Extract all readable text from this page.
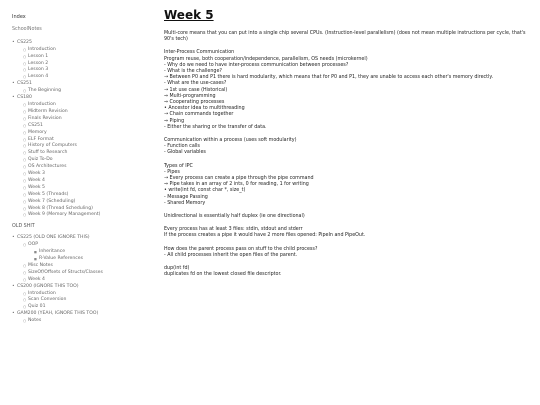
Index
SchoolNotes
• CS225
○ Introduction
○ Lesson 1
○ Lesson 2
○ Lesson 3
○ Lesson 4
• CS251
○ The Beginning
• CS180
○ Introduction
○ Midterm Revision
○ Finals Revision
○ CS251
○ Memory
○ ELF Format
○ History of Computers
○ Stuff to Research
○ Quiz To-Do
○ OS Architectures
○ Week 3
○ Week 4
○ Week 5
○ Week 5 (Threads)
○ Week 7 (Scheduling)
○ Week 8 (Thread Scheduling)
○ Week 9 (Memory Management)
OLD SHIT
• CS225 (OLD ONE IGNORE THIS)
○ OOP
■ Inheritance
■ R-Value References
○ Misc Notes
○ SizeOf/Offsets of Structs/Classes
○ Week 4
• CS200 (IGNORE THIS TOO)
○ Introduction
○ Scan Conversion
○ Quiz 01
• GAM200 (YEAH, IGNORE THIS TOO)
○ Notes
Week 5
Multi-core means that you can put into a single chip several CPUs. (Instruction-level parallelism) (does not mean multiple instructions per cycle, that's
90's tech)
Inter-Process Communication
Program reuse, both cooperation/independence, parallelism, OS needs (microkernel)
- Why do we need to have inter-process communication between processes?
- What is the challenge?
→ Between P0 and P1 there is hard modularity, which means that for P0 and P1, they are unable to access each other's memory directly.
- What are the use-cases?
→ 1st use case (Historical)
⇒ Multi-programming
⇒ Cooperating processes
• Ancestor idea to multithreading
→ Chain commands together
⇒ Piping
- Either the sharing or the transfer of data.
Communication within a process (uses soft modularity)
- Function calls
- Global variables
Types of IPC
- Pipes
→ Every process can create a pipe through the pipe command
⇒ Pipe takes in an array of 2 ints, 0 for reading, 1 for writing
• write(int fd, const char *, size_t)
- Message Passing
- Shared Memory
Unidirectional is essentially half duplex (ie one directional)
Every process has at least 3 files: stdin, stdout and stderr
If the process creates a pipe it would have 2 more files opened: PipeIn and PipeOut.
How does the parent process pass on stuff to the child process?
- All child processes inherit the open files of the parent.
dup(int fd)
duplicates fd on the lowest closed file descriptor.
